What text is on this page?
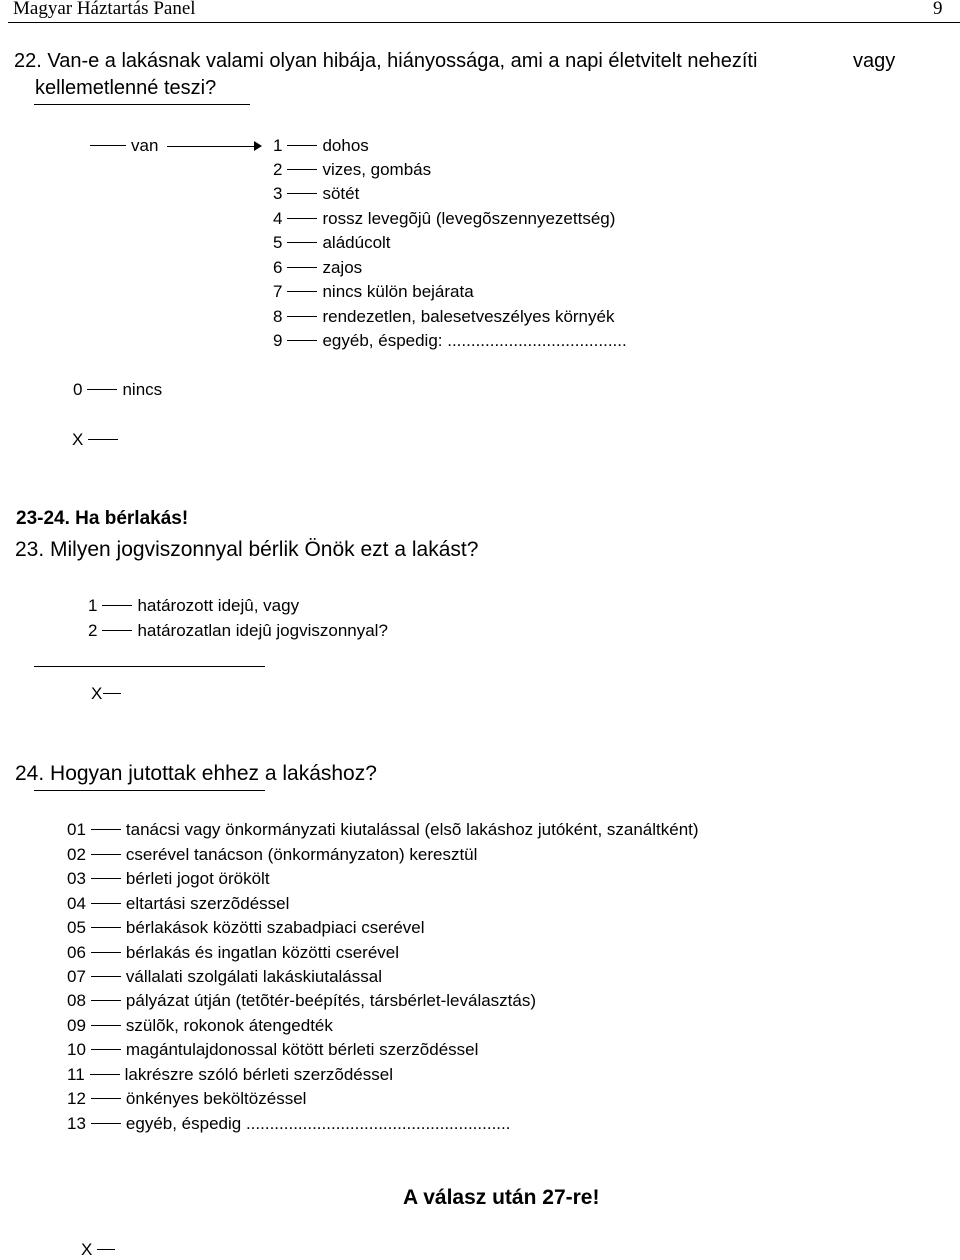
Magyar Háztartás Panel	9
22. Van-e a lakásnak valami olyan hibája, hiányossága, ami a napi életvitelt nehezíti	vagy
kellemetlenné teszi?
van	1 dohos
2 vizes, gombás
3 sötét
4 rossz levegõjû (levegõszennyezettség)
5 aládúcolt
6 zajos
7 nincs külön bejárata
8 rendezetlen, balesetveszélyes környék
9 egyéb, éspedig: ......................................
0 nincs
X
23-24. Ha bérlakás!
23. Milyen jogviszonnyal bérlik Önök ezt a lakást?
1 határozott idejû, vagy
2 határozatlan idejû jogviszonnyal?
X
24. Hogyan jutottak ehhez a lakáshoz?
01 tanácsi vagy önkormányzati kiutalással (elsõ lakáshoz jutóként, szanáltként)
02 cserével tanácson (önkormányzaton) keresztül
03 bérleti jogot örökölt
04 eltartási szerzõdéssel
05 bérlakások közötti szabadpiaci cserével
06 bérlakás és ingatlan közötti cserével
07 vállalati szolgálati lakáskiutalással
08 pályázat útján (tetõtér-beépítés, társbérlet-leválasztás)
09 szülõk, rokonok átengedték
10 magántulajdonossal kötött bérleti szerzõdéssel
11 lakrészre szóló bérleti szerzõdéssel
12 önkényes beköltözéssel
13 egyéb, éspedig ........................................................
A válasz után 27-re!
X
